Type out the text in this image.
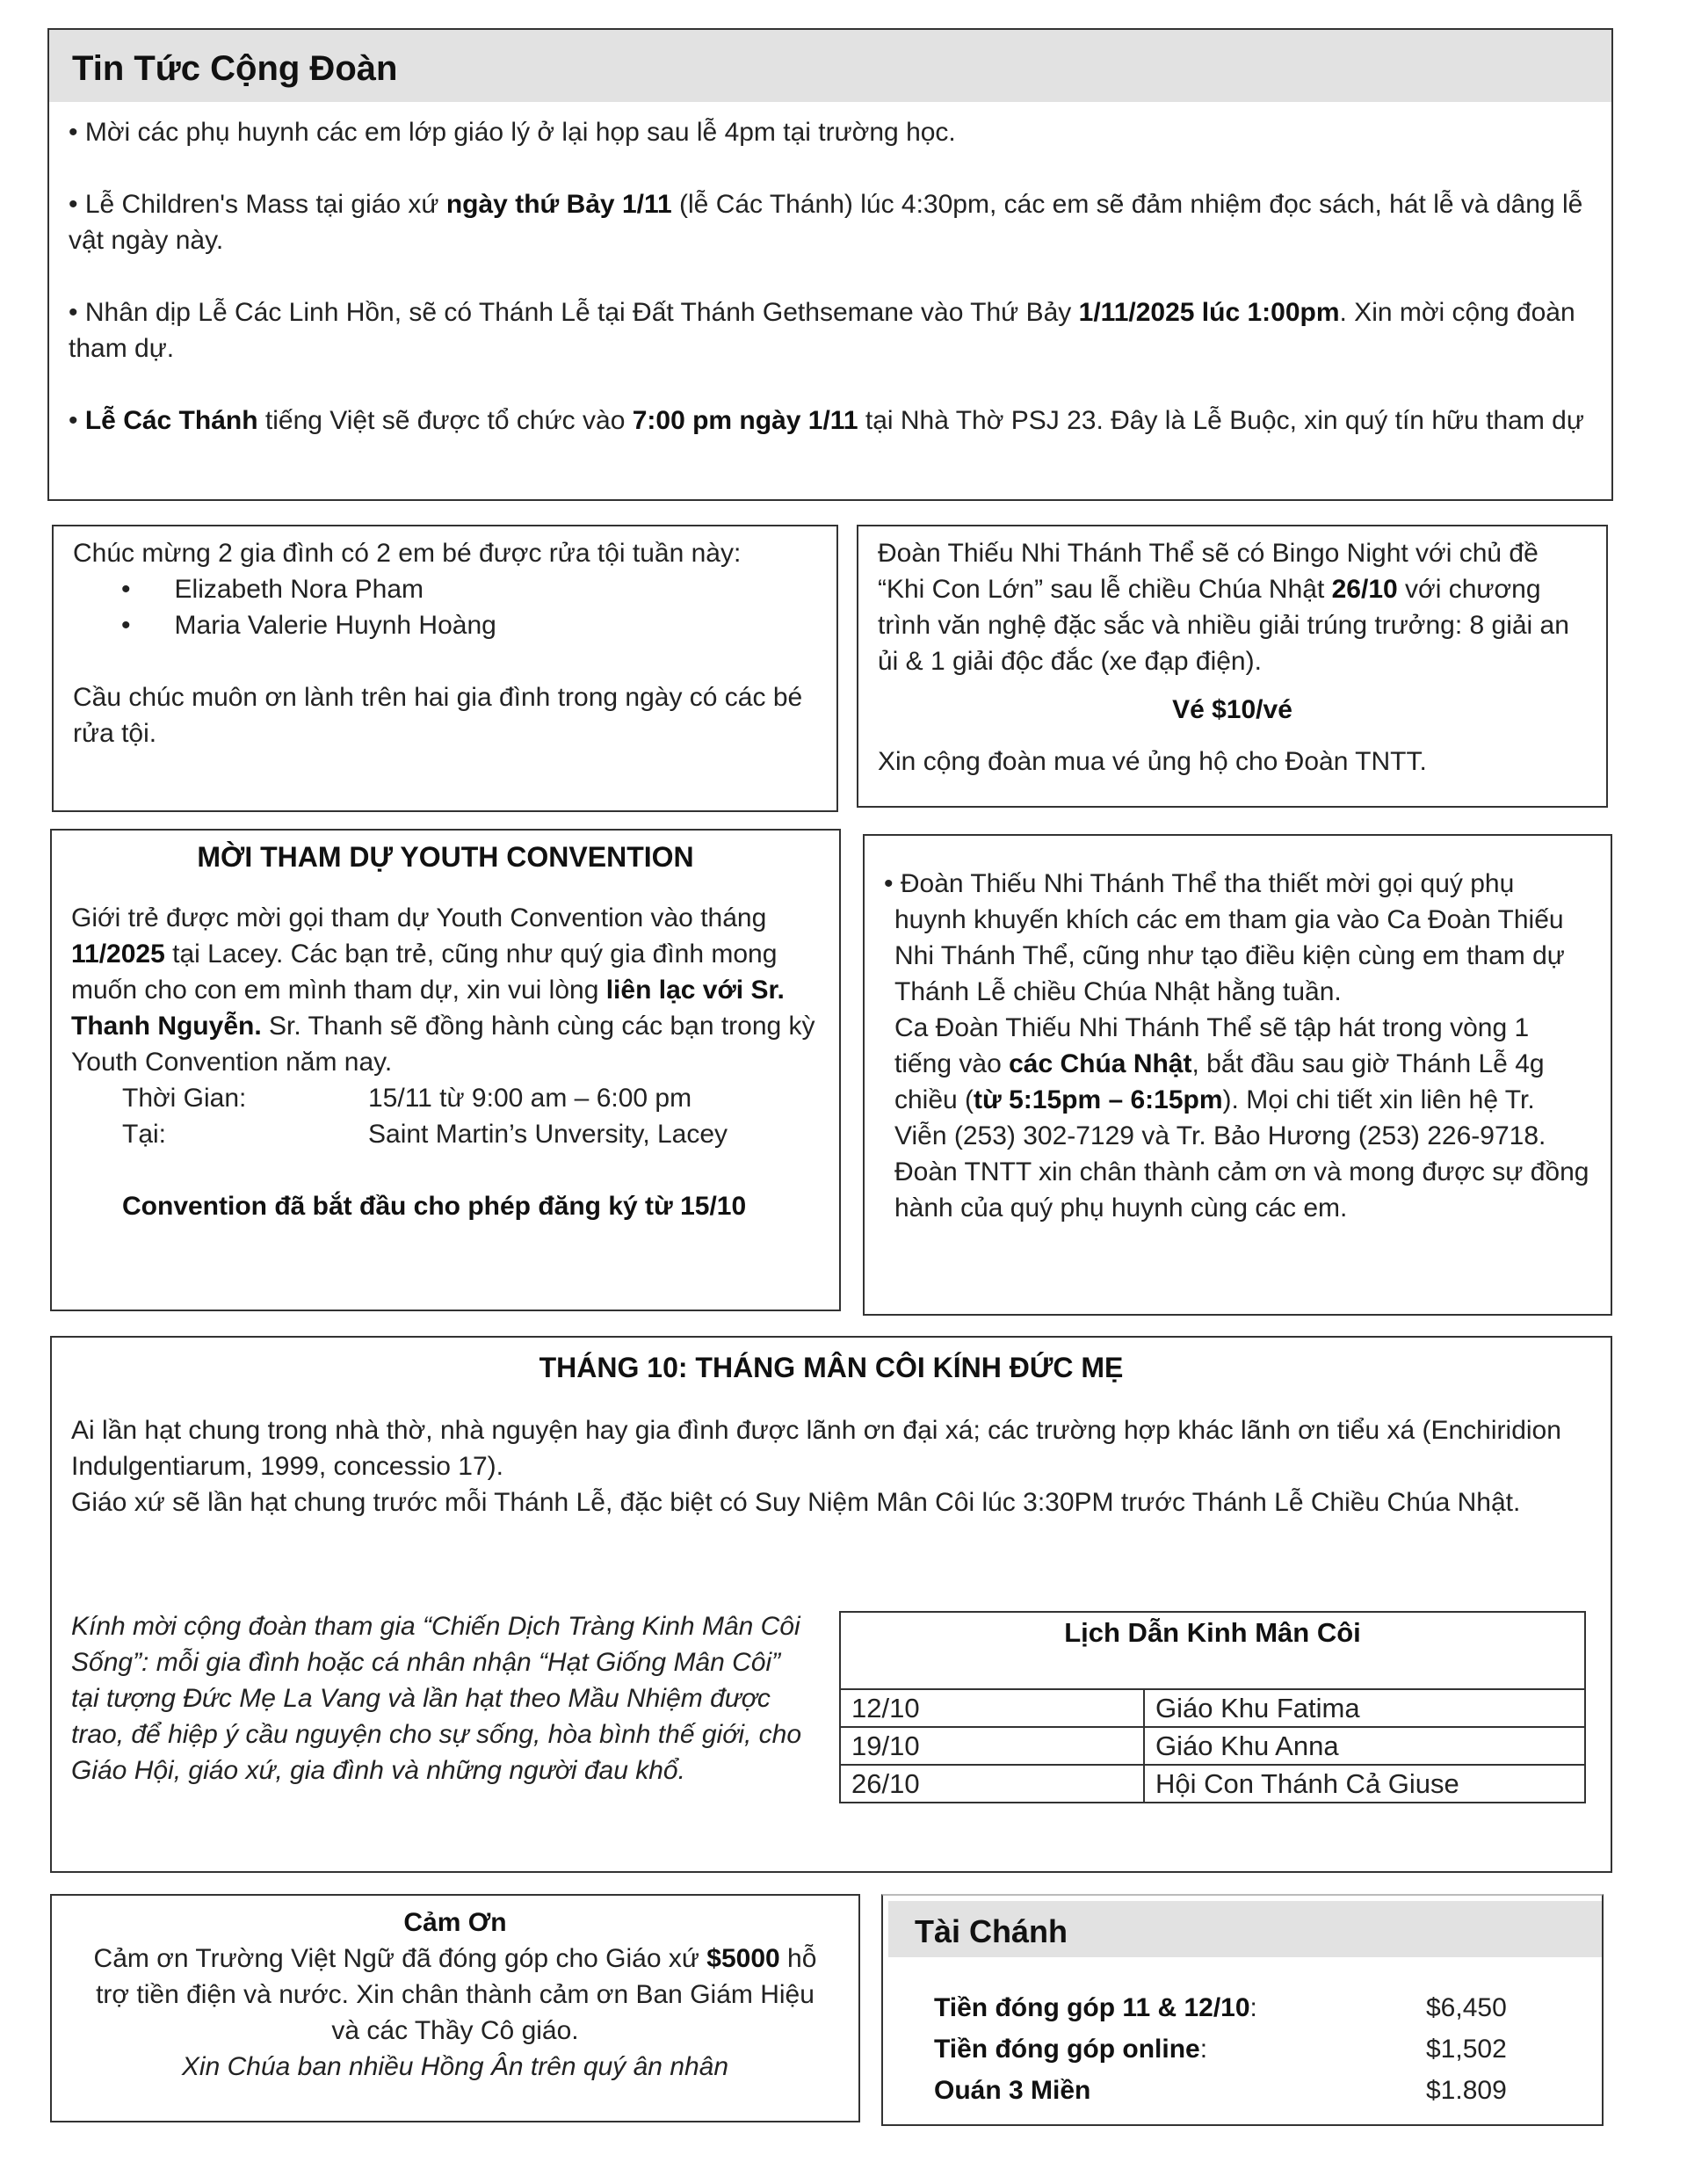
Tin Tức Cộng Đoàn

• Mời các phụ huynh các em lớp giáo lý ở lại họp sau lễ 4pm tại trường học.

• Lễ Children's Mass tại giáo xứ ngày thứ Bảy 1/11 (lễ Các Thánh) lúc 4:30pm, các em sẽ đảm nhiệm đọc sách, hát lễ và dâng lễ vật ngày này.

• Nhân dịp Lễ Các Linh Hồn, sẽ có Thánh Lễ tại Đất Thánh Gethsemane vào Thứ Bảy 1/11/2025 lúc 1:00pm. Xin mời cộng đoàn tham dự.

• Lễ Các Thánh tiếng Việt sẽ được tổ chức vào 7:00 pm ngày 1/11 tại Nhà Thờ PSJ 23. Đây là Lễ Buộc, xin quý tín hữu tham dự

Chúc mừng 2 gia đình có 2 em bé được rửa tội tuần này:

• Elizabeth Nora Pham

• Maria Valerie Huynh Hoàng

Cầu chúc muôn ơn lành trên hai gia đình trong ngày có các bé rửa tội.

Đoàn Thiếu Nhi Thánh Thể sẽ có Bingo Night với chủ đề “Khi Con Lớn” sau lễ chiều Chúa Nhật 26/10 với chương trình văn nghệ đặc sắc và nhiều giải trúng trưởng: 8 giải an ủi & 1 giải độc đắc (xe đạp điện).

Vé $10/vé

Xin cộng đoàn mua vé ủng hộ cho Đoàn TNTT.

MỜI THAM DỰ YOUTH CONVENTION

Giới trẻ được mời gọi tham dự Youth Convention vào tháng 11/2025 tại Lacey. Các bạn trẻ, cũng như quý gia đình mong muốn cho con em mình tham dự, xin vui lòng liên lạc với Sr. Thanh Nguyễn. Sr. Thanh sẽ đồng hành cùng các bạn trong kỳ Youth Convention năm nay.

Thời Gian:	15/11 từ 9:00 am – 6:00 pm

Tại:	Saint Martin’s Unversity, Lacey

Convention đã bắt đầu cho phép đăng ký từ 15/10

• Đoàn Thiếu Nhi Thánh Thể tha thiết mời gọi quý phụ huynh khuyến khích các em tham gia vào Ca Đoàn Thiếu Nhi Thánh Thể, cũng như tạo điều kiện cùng em tham dự Thánh Lễ chiều Chúa Nhật hằng tuần.

Ca Đoàn Thiếu Nhi Thánh Thể sẽ tập hát trong vòng 1 tiếng vào các Chúa Nhật, bắt đầu sau giờ Thánh Lễ 4g chiều (từ 5:15pm – 6:15pm). Mọi chi tiết xin liên hệ Tr. Viễn (253) 302-7129 và Tr. Bảo Hương (253) 226-9718.

Đoàn TNTT xin chân thành cảm ơn và mong được sự đồng hành của quý phụ huynh cùng các em.

THÁNG 10: THÁNG MÂN CÔI KÍNH ĐỨC MẸ

Ai lần hạt chung trong nhà thờ, nhà nguyện hay gia đình được lãnh ơn đại xá; các trường hợp khác lãnh ơn tiểu xá (Enchiridion Indulgentiarum, 1999, concessio 17).

Giáo xứ sẽ lần hạt chung trước mỗi Thánh Lễ, đặc biệt có Suy Niệm Mân Côi lúc 3:30PM trước Thánh Lễ Chiều Chúa Nhật.

Kính mời cộng đoàn tham gia “Chiến Dịch Tràng Kinh Mân Côi Sống”: mỗi gia đình hoặc cá nhân nhận “Hạt Giống Mân Côi” tại tượng Đức Mẹ La Vang và lần hạt theo Mầu Nhiệm được trao, để hiệp ý cầu nguyện cho sự sống, hòa bình thế giới, cho Giáo Hội, giáo xứ, gia đình và những người đau khổ.

Lịch Dẫn Kinh Mân Côi	
12/10	Giáo Khu Fatima
19/10	Giáo Khu Anna
26/10	Hội Con Thánh Cả Giuse

Cảm Ơn

Cảm ơn Trường Việt Ngữ đã đóng góp cho Giáo xứ $5000 hỗ trợ tiền điện và nước. Xin chân thành cảm ơn Ban Giám Hiệu và các Thầy Cô giáo.

Xin Chúa ban nhiều Hồng Ân trên quý ân nhân

Tài Chánh

Tiền đóng góp 11 & 12/10:	$6,450

Tiền đóng góp online:	$1,502

Ouán 3 Miền	$1.809
